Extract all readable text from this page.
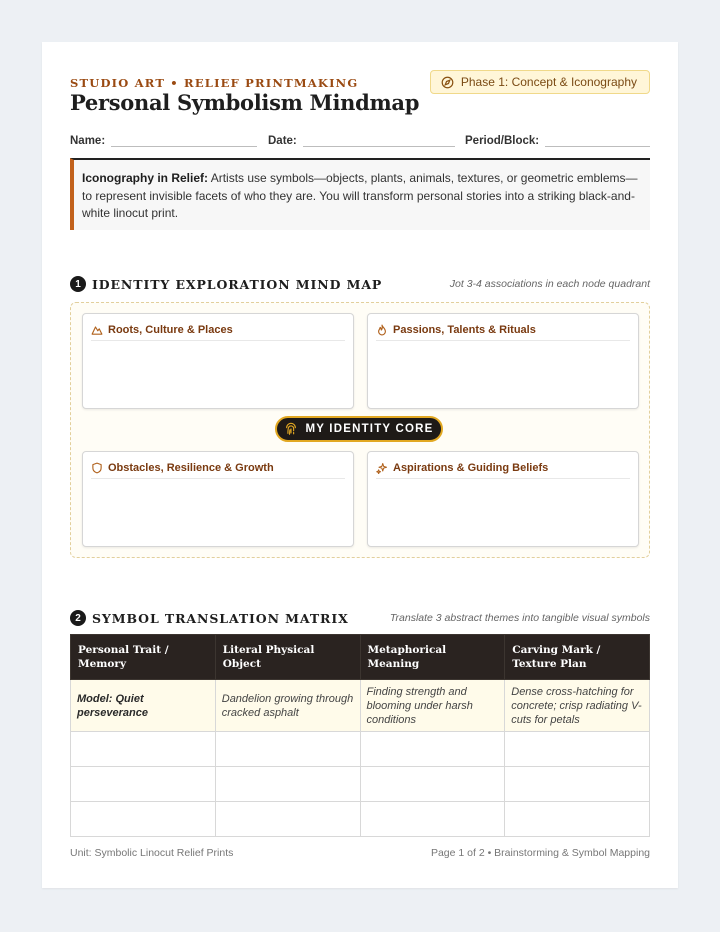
STUDIO ART • RELIEF PRINTMAKING
Personal Symbolism Mindmap
Phase 1: Concept & Iconography
Name:	Date:	Period/Block:
Iconography in Relief: Artists use symbols—objects, plants, animals, textures, or geometric emblems—to represent invisible facets of who they are. You will transform personal stories into a striking black-and-white linocut print.
1 IDENTITY EXPLORATION MIND MAP	Jot 3-4 associations in each node quadrant
Roots, Culture & Places	Passions, Talents & Rituals
Obstacles, Resilience & Growth	Aspirations & Guiding Beliefs
MY IDENTITY CORE
2 SYMBOL TRANSLATION MATRIX	Translate 3 abstract themes into tangible visual symbols
Personal Trait / Memory	Literal Physical Object	Metaphorical Meaning	Carving Mark / Texture Plan
Model: Quiet perseverance	Dandelion growing through cracked asphalt	Finding strength and blooming under harsh conditions	Dense cross-hatching for concrete; crisp radiating V-cuts for petals

Unit: Symbolic Linocut Relief Prints	Page 1 of 2 • Brainstorming & Symbol Mapping
